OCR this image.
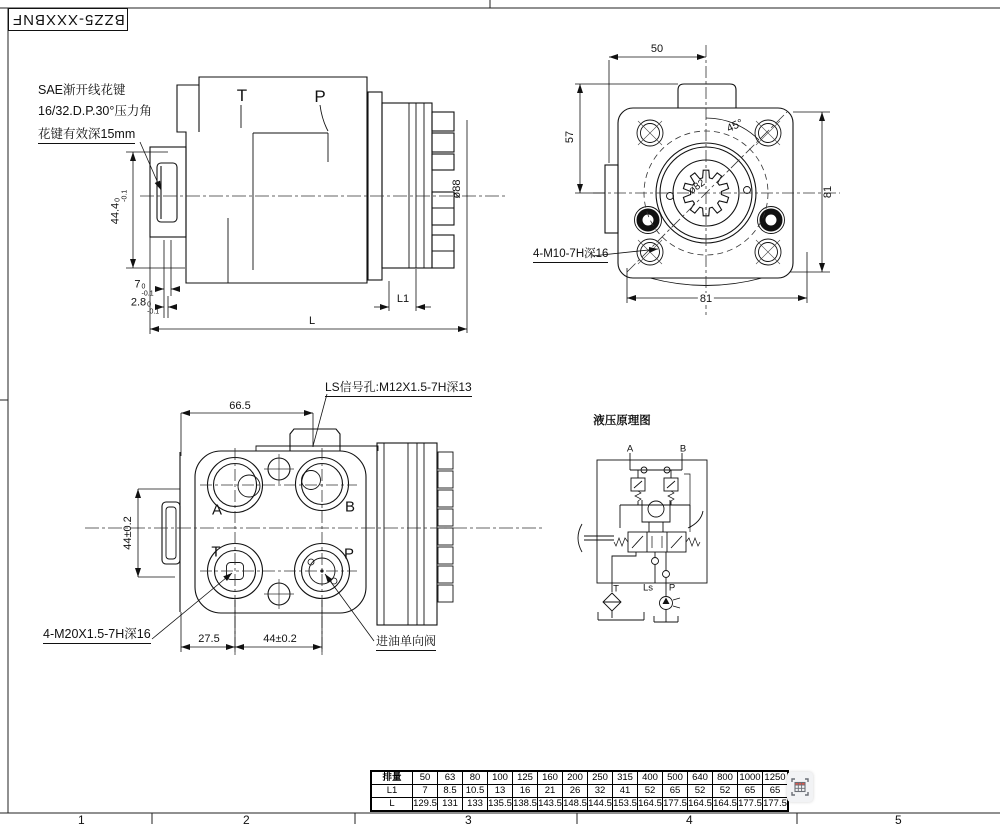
BZZ5-XXXBNF
SAE渐开线花键
16/32.D.P.30°压力角
花键有效深15mm
T	P
44.4
0 -0.1
7 0
-0.1
2.8 0
-0.1
L1
L
ø88
50
57
45°
ø82	81
81
4-M10-7H深16
LS信号孔:M12X1.5-7H深13
66.5
44±0.2
A	B
T	P
27.5	44±0.2
4-M20X1.5-7H深16	进油单向阀
液压原理图
A	B
T	Ls P
排量	50	63	80	100	125	160	200	250	315	400	500	640	800	1000	1250
L1	7	8.5	10.5	13	16	21	26	32	41	52	65	52	52	65	65
L	129.5	131	133	135.5	138.5	143.5	148.5	144.5	153.5	164.5	177.5	164.5	164.5	177.5	177.5
1	2	3	4	5
